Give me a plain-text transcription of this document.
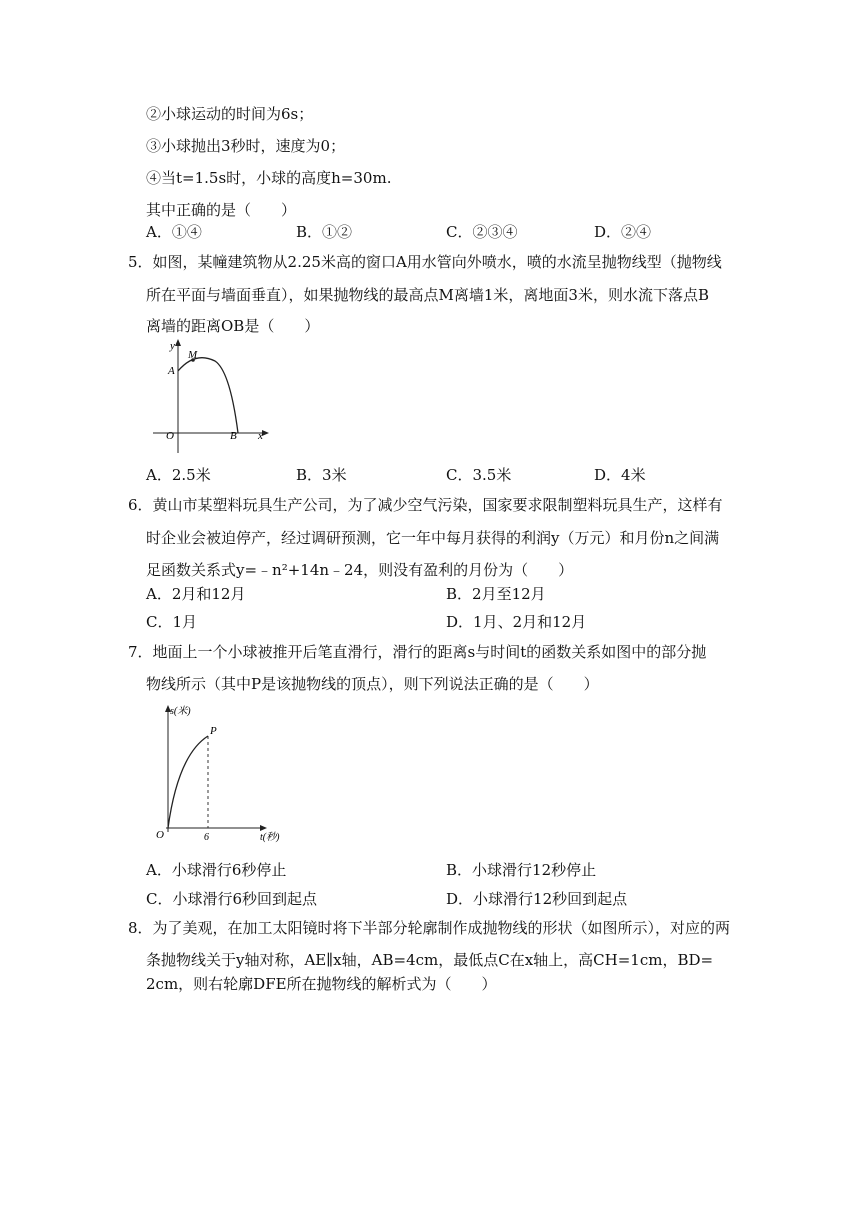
②小球运动的时间为6s；
③小球抛出3秒时，速度为0；
④当t=1.5s时，小球的高度h=30m.
其中正确的是（　　）
A．①④	B．①②	C．②③④	D．②④
5．如图，某幢建筑物从2.25米高的窗口A用水管向外喷水，喷的水流呈抛物线型（抛物线
所在平面与墙面垂直），如果抛物线的最高点M离墙1米，离地面3米，则水流下落点B
离墙的距离OB是（　　）
y
M
A
O	B x
A．2.5米	B．3米	C．3.5米	D．4米
6．黄山市某塑料玩具生产公司，为了减少空气污染，国家要求限制塑料玩具生产，这样有
时企业会被迫停产，经过调研预测，它一年中每月获得的利润y（万元）和月份n之间满
足函数关系式y=﹣n²+14n﹣24，则没有盈利的月份为（　　）
A．2月和12月	B．2月至12月
C．1月	D．1月、2月和12月
7．地面上一个小球被推开后笔直滑行，滑行的距离s与时间t的函数关系如图中的部分抛
物线所示（其中P是该抛物线的顶点），则下列说法正确的是（　　）
s(米)
P
O	6	t(秒)
A．小球滑行6秒停止	B．小球滑行12秒停止
C．小球滑行6秒回到起点	D．小球滑行12秒回到起点
8．为了美观，在加工太阳镜时将下半部分轮廓制作成抛物线的形状（如图所示），对应的两
条抛物线关于y轴对称，AE∥x轴，AB=4cm，最低点C在x轴上，高CH=1cm，BD=
2cm，则右轮廓DFE所在抛物线的解析式为（　　）
